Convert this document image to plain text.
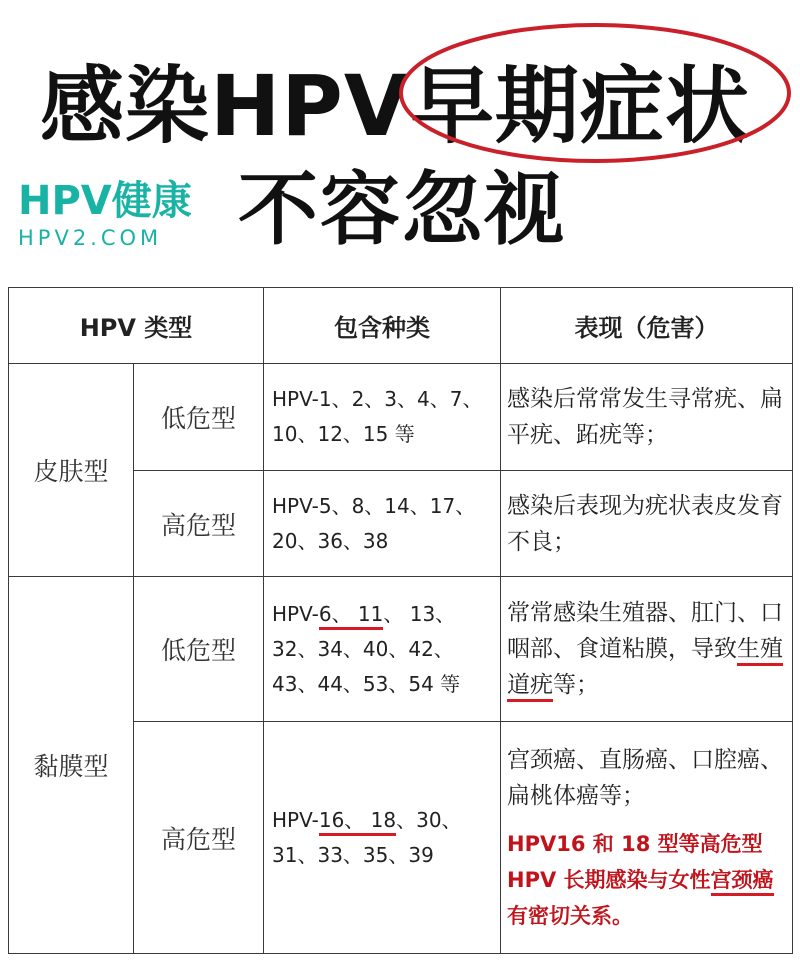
感染HPV早期症状
HPV健康
HPV2.COM 不容忽视
HPV 类型		包含种类	表现（危害）
皮肤型	低危型	HPV-1、2、3、4、7、10、12、15 等	感染后常常发生寻常疣、扁平疣、跖疣等；
	高危型	HPV-5、8、14、17、20、36、38	感染后表现为疣状表皮发育不良；
黏膜型	低危型	HPV-6、 11、 13、32、34、40、42、43、44、53、54 等	常常感染生殖器、肛门、口咽部、食道粘膜，导致生殖道疣等；
	高危型	HPV-16、 18、30、31、33、35、39	宫颈癌、直肠癌、口腔癌、扁桃体癌等；
HPV16 和 18 型等高危型 HPV 长期感染与女性宫颈癌有密切关系。
